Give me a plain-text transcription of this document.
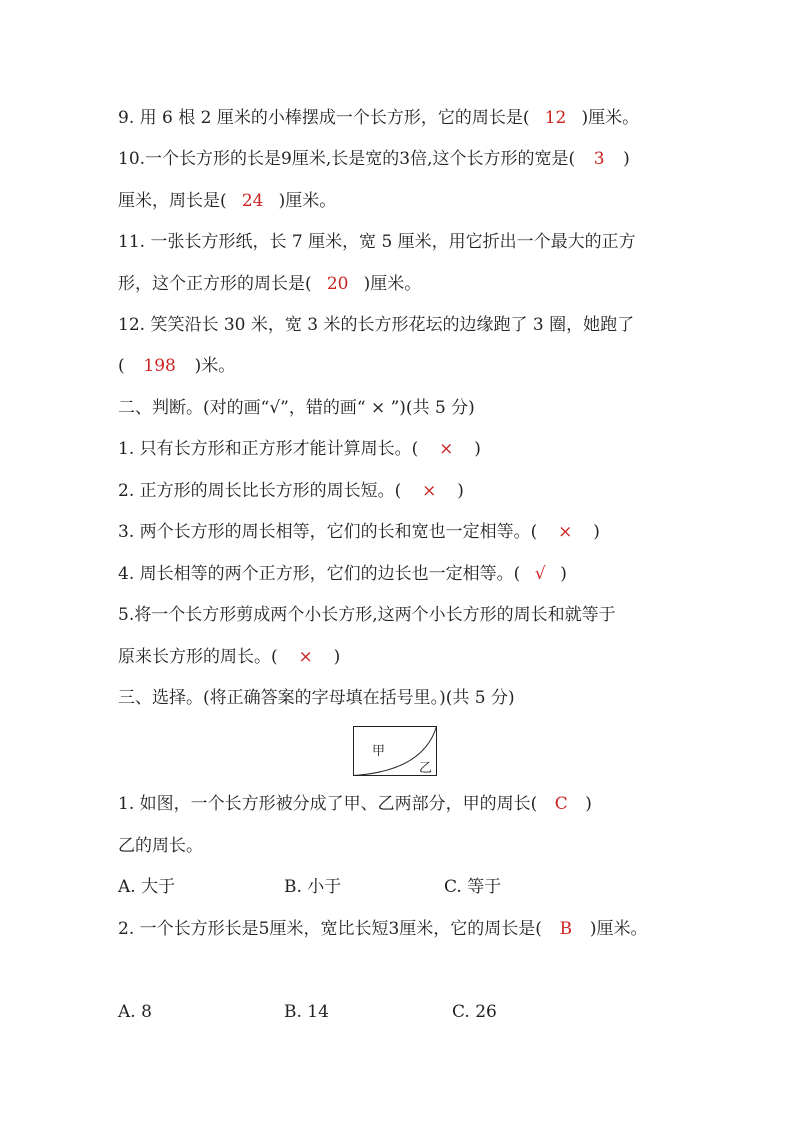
9. 用 6 根 2 厘米的小棒摆成一个长方形，它的周长是( 12 )厘米。
10.一个长方形的长是9厘米,长是宽的3倍,这个长方形的宽是( 3 )
厘米，周长是( 24 )厘米。
11. 一张长方形纸，长 7 厘米，宽 5 厘米，用它折出一个最大的正方
形，这个正方形的周长是( 20 )厘米。
12. 笑笑沿长 30 米，宽 3 米的长方形花坛的边缘跑了 3 圈，她跑了
( 198 )米。
二、判断。(对的画“√”，错的画“ × ”)(共 5 分)
1. 只有长方形和正方形才能计算周长。( × )
2. 正方形的周长比长方形的周长短。( × )
3. 两个长方形的周长相等，它们的长和宽也一定相等。( × )
4. 周长相等的两个正方形，它们的边长也一定相等。( √ )
5.将一个长方形剪成两个小长方形,这两个小长方形的周长和就等于
原来长方形的周长。( × )
三、选择。(将正确答案的字母填在括号里。)(共 5 分)
甲
乙
1. 如图，一个长方形被分成了甲、乙两部分，甲的周长( C )
乙的周长。
A. 大于	B. 小于	C. 等于
2. 一个长方形长是5厘米，宽比长短3厘米，它的周长是( B )厘米。
A. 8	B. 14	C. 26
